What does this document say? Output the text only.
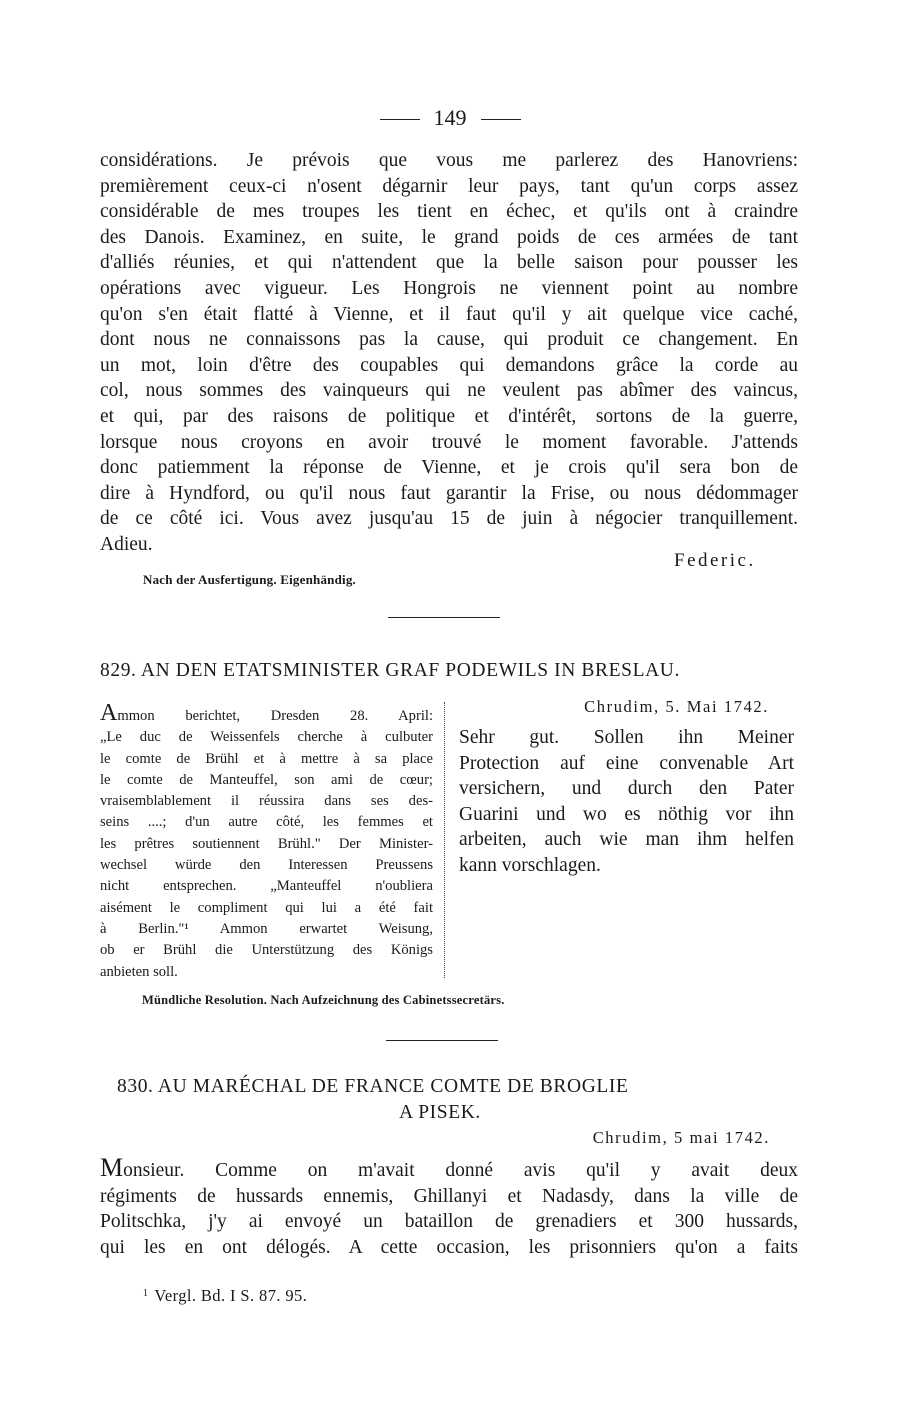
149
considérations. Je prévois que vous me parlerez des Hanovriens:
premièrement ceux-ci n'osent dégarnir leur pays, tant qu'un corps assez
considérable de mes troupes les tient en échec, et qu'ils ont à craindre
des Danois. Examinez, en suite, le grand poids de ces armées de tant
d'alliés réunies, et qui n'attendent que la belle saison pour pousser les
opérations avec vigueur. Les Hongrois ne viennent point au nombre
qu'on s'en était flatté à Vienne, et il faut qu'il y ait quelque vice caché,
dont nous ne connaissons pas la cause, qui produit ce changement. En
un mot, loin d'être des coupables qui demandons grâce la corde au
col, nous sommes des vainqueurs qui ne veulent pas abîmer des vaincus,
et qui, par des raisons de politique et d'intérêt, sortons de la guerre,
lorsque nous croyons en avoir trouvé le moment favorable. J'attends
donc patiemment la réponse de Vienne, et je crois qu'il sera bon de
dire à Hyndford, ou qu'il nous faut garantir la Frise, ou nous dédommager
de ce côté ici. Vous avez jusqu'au 15 de juin à négocier tranquillement.
Adieu.
Federic.
Nach der Ausfertigung. Eigenhändig.
829. AN DEN ETATSMINISTER GRAF PODEWILS IN BRESLAU.
Ammon berichtet, Dresden 28. April:
„Le duc de Weissenfels cherche à culbuter
le comte de Brühl et à mettre à sa place
le comte de Manteuffel, son ami de cœur;
vraisemblablement il réussira dans ses des-
seins ....; d'un autre côté, les femmes et
les prêtres soutiennent Brühl." Der Minister-
wechsel würde den Interessen Preussens
nicht entsprechen. „Manteuffel n'oubliera
aisément le compliment qui lui a été fait
à Berlin."¹ Ammon erwartet Weisung,
ob er Brühl die Unterstützung des Königs
anbieten soll.
Chrudim, 5. Mai 1742.
Sehr gut. Sollen ihn Meiner
Protection auf eine convenable Art
versichern, und durch den Pater
Guarini und wo es nöthig vor ihn
arbeiten, auch wie man ihm helfen
kann vorschlagen.
Mündliche Resolution. Nach Aufzeichnung des Cabinetssecretärs.
830. AU MARÉCHAL DE FRANCE COMTE DE BROGLIE
A PISEK.
Chrudim, 5 mai 1742.
Monsieur. Comme on m'avait donné avis qu'il y avait deux
régiments de hussards ennemis, Ghillanyi et Nadasdy, dans la ville de
Politschka, j'y ai envoyé un bataillon de grenadiers et 300 hussards,
qui les en ont délogés. A cette occasion, les prisonniers qu'on a faits
$^1$ Vergl. Bd. I S. 87. 95.
